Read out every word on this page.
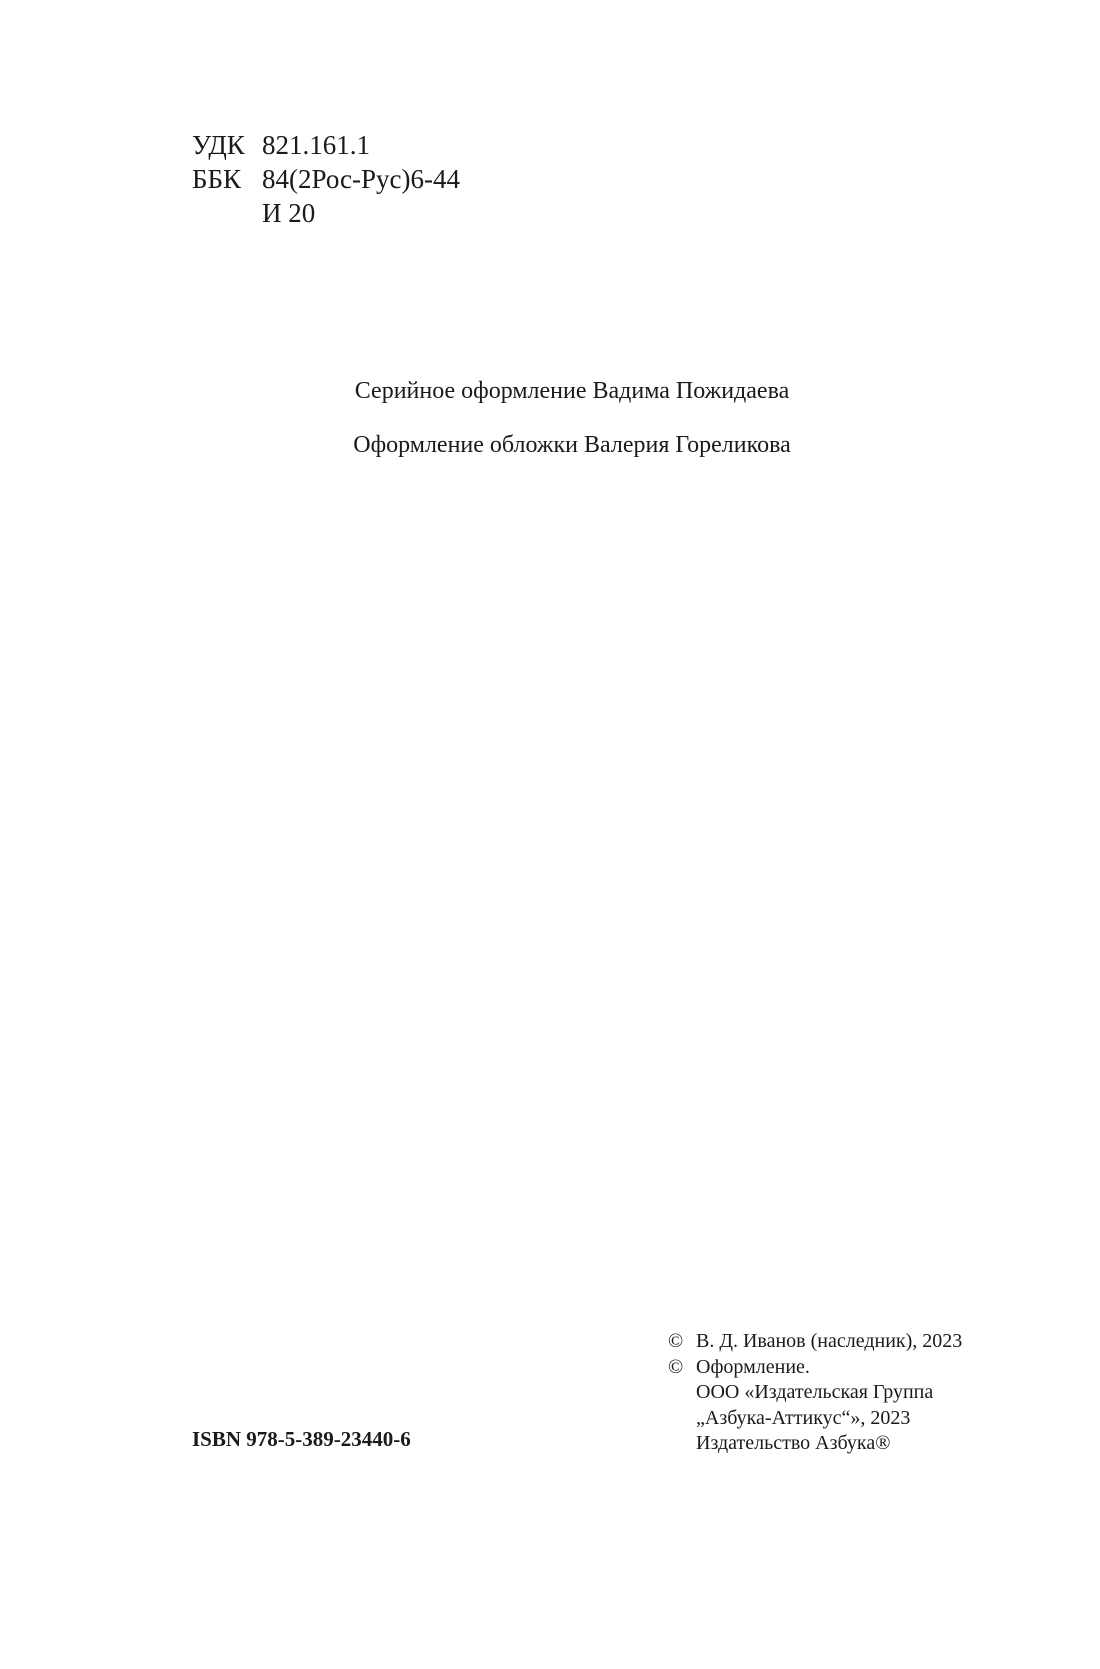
УДК 821.161.1
ББК 84(2Рос-Рус)6-44
И 20

Серийное оформление Вадима Пожидаева

Оформление обложки Валерия Гореликова

© В. Д. Иванов (наследник), 2023
© Оформление.
ООО «Издательская Группа
„Азбука-Аттикус“», 2023
Издательство Азбука®
ISBN 978-5-389-23440-6
